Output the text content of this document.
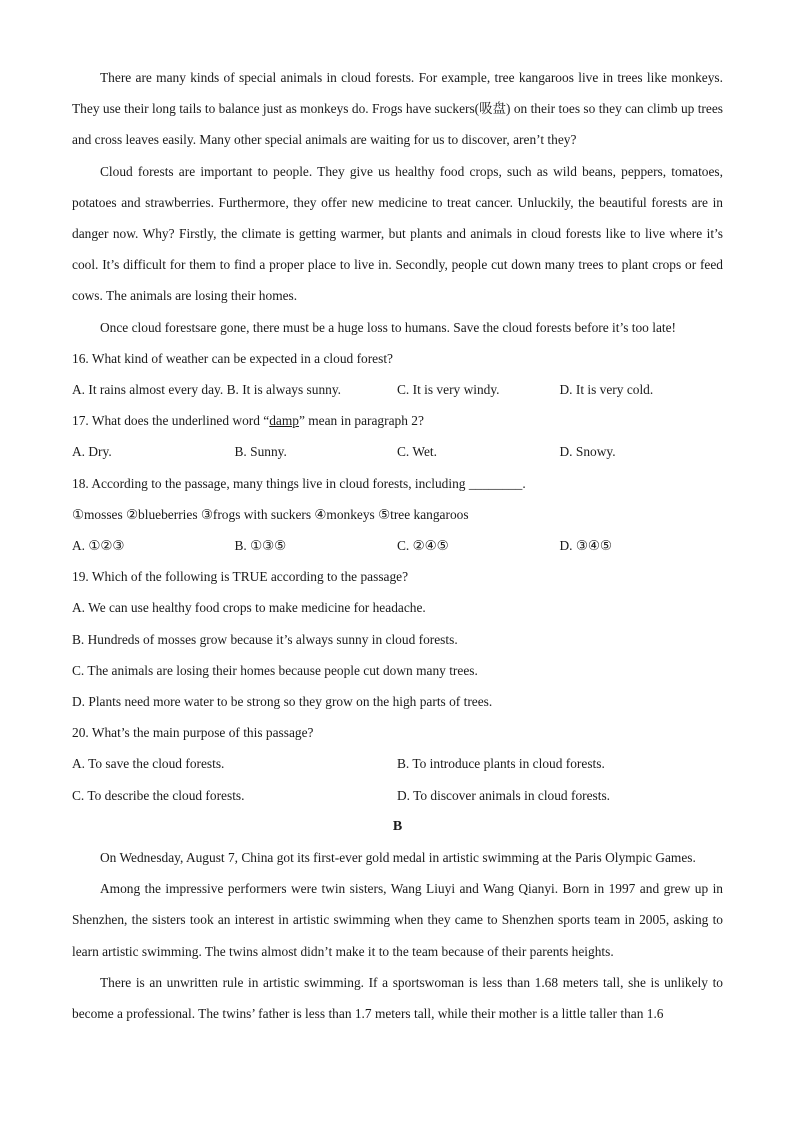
There are many kinds of special animals in cloud forests. For example, tree kangaroos live in trees like monkeys. They use their long tails to balance just as monkeys do. Frogs have suckers(吸盘) on their toes so they can climb up trees and cross leaves easily. Many other special animals are waiting for us to discover, aren’t they?

Cloud forests are important to people. They give us healthy food crops, such as wild beans, peppers, tomatoes, potatoes and strawberries. Furthermore, they offer new medicine to treat cancer. Unluckily, the beautiful forests are in danger now. Why? Firstly, the climate is getting warmer, but plants and animals in cloud forests like to live where it’s cool. It’s difficult for them to find a proper place to live in. Secondly, people cut down many trees to plant crops or feed cows. The animals are losing their homes.

Once cloud forestsare gone, there must be a huge loss to humans. Save the cloud forests before it’s too late!

16. What kind of weather can be expected in a cloud forest?

A. It rains almost every day. B. It is always sunny.	C. It is very windy.	D. It is very cold.

17. What does the underlined word “damp” mean in paragraph 2?

A. Dry.	B. Sunny.	C. Wet.	D. Snowy.

18. According to the passage, many things live in cloud forests, including ________.

①mosses ②blueberries ③frogs with suckers ④monkeys ⑤tree kangaroos

A. ①②③	B. ①③⑤	C. ②④⑤	D. ③④⑤

19. Which of the following is TRUE according to the passage?

A. We can use healthy food crops to make medicine for headache.

B. Hundreds of mosses grow because it’s always sunny in cloud forests.

C. The animals are losing their homes because people cut down many trees.

D. Plants need more water to be strong so they grow on the high parts of trees.

20. What’s the main purpose of this passage?

A. To save the cloud forests.	B. To introduce plants in cloud forests.
C. To describe the cloud forests.	D. To discover animals in cloud forests.

B

On Wednesday, August 7, China got its first-ever gold medal in artistic swimming at the Paris Olympic Games.

Among the impressive performers were twin sisters, Wang Liuyi and Wang Qianyi. Born in 1997 and grew up in Shenzhen, the sisters took an interest in artistic swimming when they came to Shenzhen sports team in 2005, asking to learn artistic swimming. The twins almost didn’t make it to the team because of their parents heights.

There is an unwritten rule in artistic swimming. If a sportswoman is less than 1.68 meters tall, she is unlikely to become a professional. The twins’ father is less than 1.7 meters tall, while their mother is a little taller than 1.6
